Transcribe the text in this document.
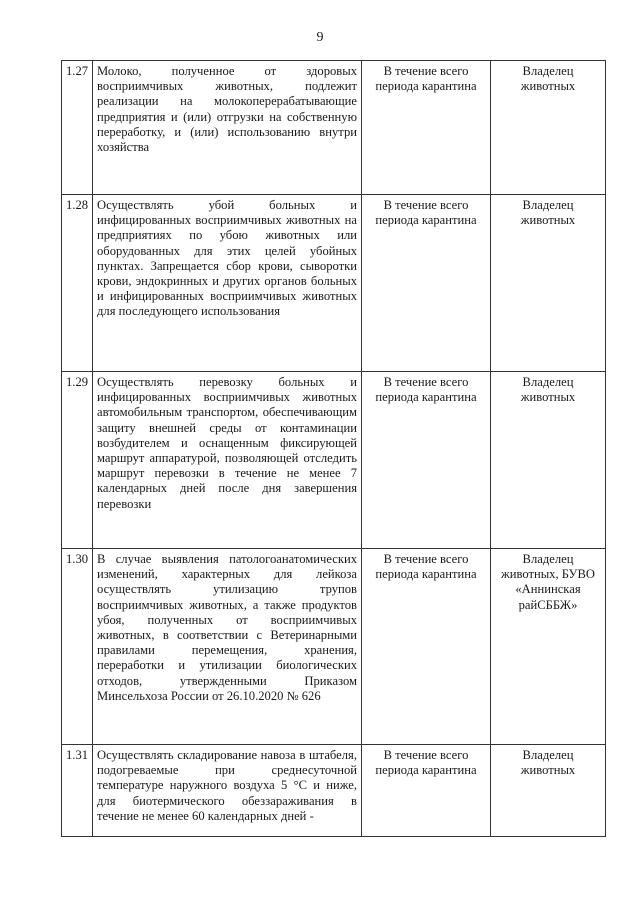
9
1.27	Молоко, полученное от здоровых восприимчивых животных, подлежит реализации на молокоперерабатывающие предприятия и (или) отгрузки на собственную переработку, и (или) использованию внутри хозяйства	В течение всего периода карантина	Владелец животных
1.28	Осуществлять убой больных и инфицированных восприимчивых животных на предприятиях по убою животных или оборудованных для этих целей убойных пунктах. Запрещается сбор крови, сыворотки крови, эндокринных и других органов больных и инфицированных восприимчивых животных для последующего использования	В течение всего периода карантина	Владелец животных
1.29	Осуществлять перевозку больных и инфицированных восприимчивых животных автомобильным транспортом, обеспечивающим защиту внешней среды от контаминации возбудителем и оснащенным фиксирующей маршрут аппаратурой, позволяющей отследить маршрут перевозки в течение не менее 7 календарных дней после дня завершения перевозки	В течение всего периода карантина	Владелец животных
1.30	В случае выявления патологоанатомических изменений, характерных для лейкоза осуществлять утилизацию трупов восприимчивых животных, а также продуктов убоя, полученных от восприимчивых животных, в соответствии с Ветеринарными правилами перемещения, хранения, переработки и утилизации биологических отходов, утвержденными Приказом Минсельхоза России от 26.10.2020 № 626	В течение всего периода карантина	Владелец животных, БУВО «Аннинская райСББЖ»
1.31	Осуществлять складирование навоза в штабеля, подогреваемые при среднесуточной температуре наружного воздуха 5 °С и ниже, для биотермического обеззараживания в течение не менее 60 календарных дней -	В течение всего периода карантина	Владелец животных
